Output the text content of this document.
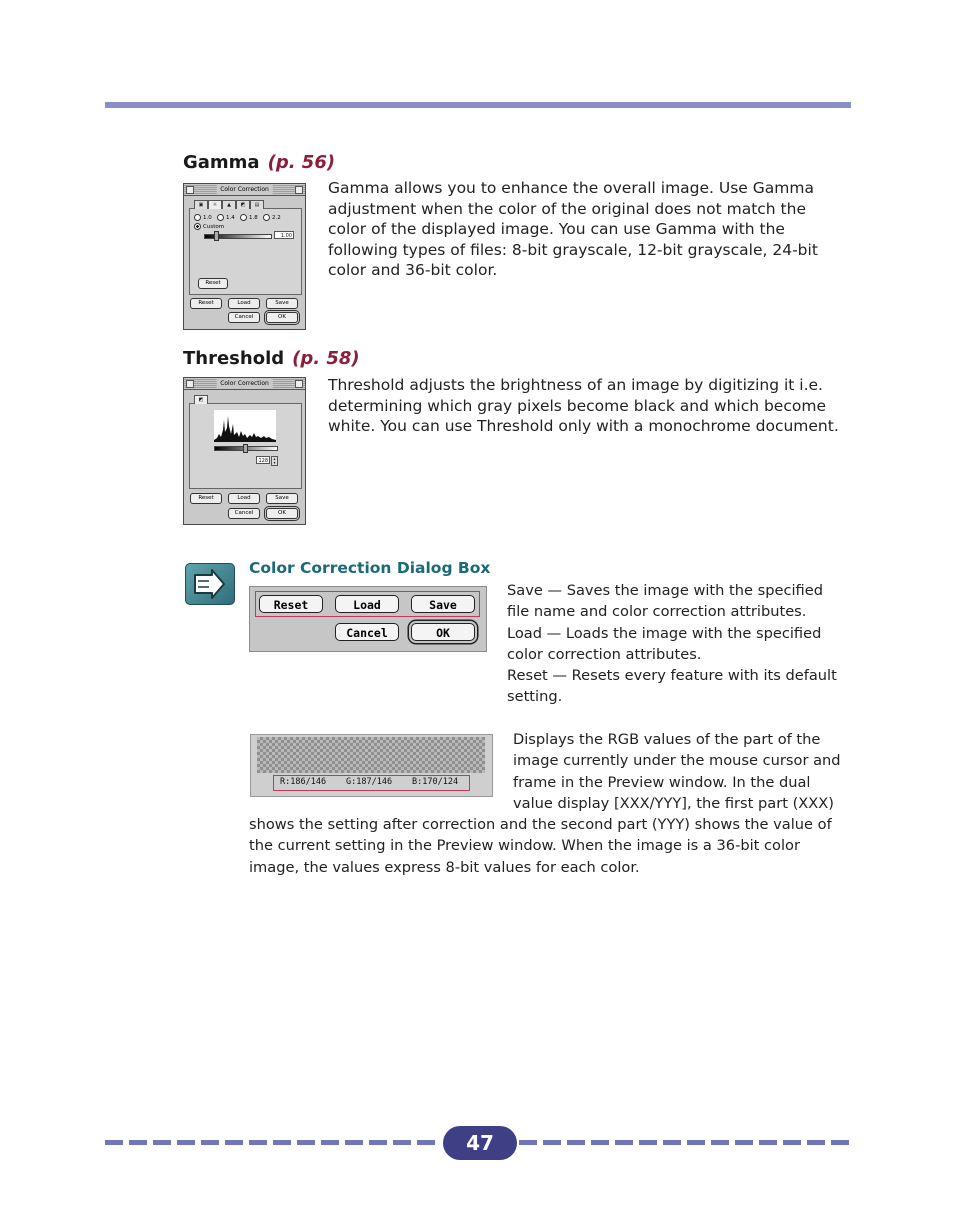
Gamma (p. 56)
Color Correction
▣	☼	▲	◩	▤
1.0	1.4	1.8	2.2
Custom
1.00
Reset
Reset	Load	Save
Cancel	OK
Gamma allows you to enhance the overall image. Use Gamma adjustment when the color of the original does not match the color of the displayed image. You can use Gamma with the following types of files: 8-bit grayscale, 12-bit grayscale, 24-bit color and 36-bit color.
Threshold (p. 58)
Color Correction
◩
128	▴
▾
Reset	Load	Save
Cancel	OK
Threshold adjusts the brightness of an image by digitizing it i.e. determining which gray pixels become black and which become white. You can use Threshold only with a monochrome document.
Color Correction Dialog Box
Reset	Load	Save
Cancel	OK
Save — Saves the image with the specified
file name and color correction attributes.
Load — Loads the image with the specified
color correction attributes.
Reset — Resets every feature with its default
setting.
R:186/146 G:187/146 B:170/124
Displays the RGB values of the part of the
image currently under the mouse cursor and
frame in the Preview window. In the dual
value display [XXX/YYY], the first part (XXX)
shows the setting after correction and the second part (YYY) shows the value of
the current setting in the Preview window. When the image is a 36-bit color
image, the values express 8-bit values for each color.
47
